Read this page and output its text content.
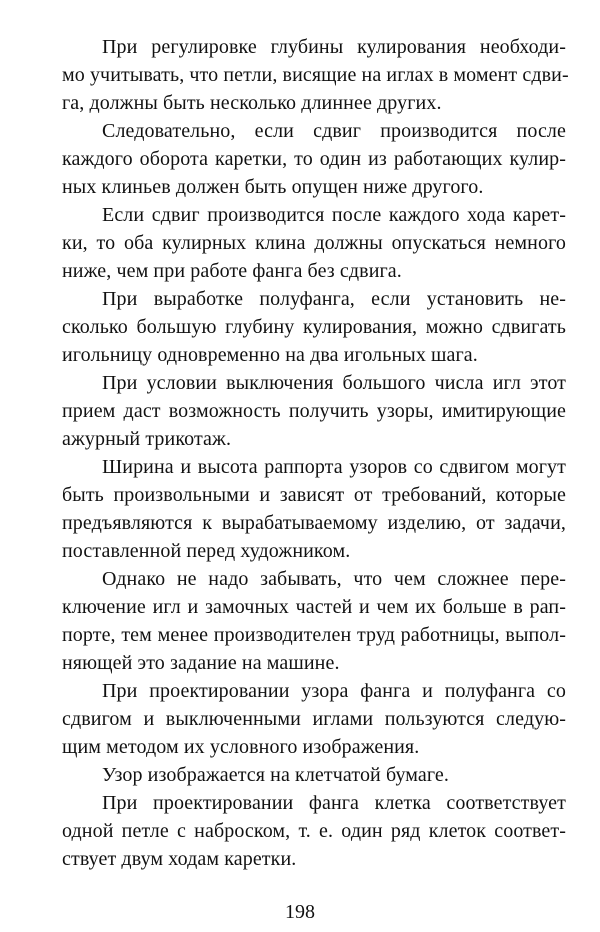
При регулировке глубины кулирования необходи-
мо учитывать, что петли, висящие на иглах в момент сдви-
га, должны быть несколько длиннее других.
Следовательно, если сдвиг производится после
каждого оборота каретки, то один из работающих кулир-
ных клиньев должен быть опущен ниже другого.
Если сдвиг производится после каждого хода карет-
ки, то оба кулирных клина должны опускаться немного
ниже, чем при работе фанга без сдвига.
При выработке полуфанга, если установить не-
сколько большую глубину кулирования, можно сдвигать
игольницу одновременно на два игольных шага.
При условии выключения большого числа игл этот
прием даст возможность получить узоры, имитирующие
ажурный трикотаж.
Ширина и высота раппорта узоров со сдвигом могут
быть произвольными и зависят от требований, которые
предъявляются к вырабатываемому изделию, от задачи,
поставленной перед художником.
Однако не надо забывать, что чем сложнее пере-
ключение игл и замочных частей и чем их больше в рап-
порте, тем менее производителен труд работницы, выпол-
няющей это задание на машине.
При проектировании узора фанга и полуфанга со
сдвигом и выключенными иглами пользуются следую-
щим методом их условного изображения.
Узор изображается на клетчатой бумаге.
При проектировании фанга клетка соответствует
одной петле с наброском, т. е. один ряд клеток соответ-
ствует двум ходам каретки.
198
